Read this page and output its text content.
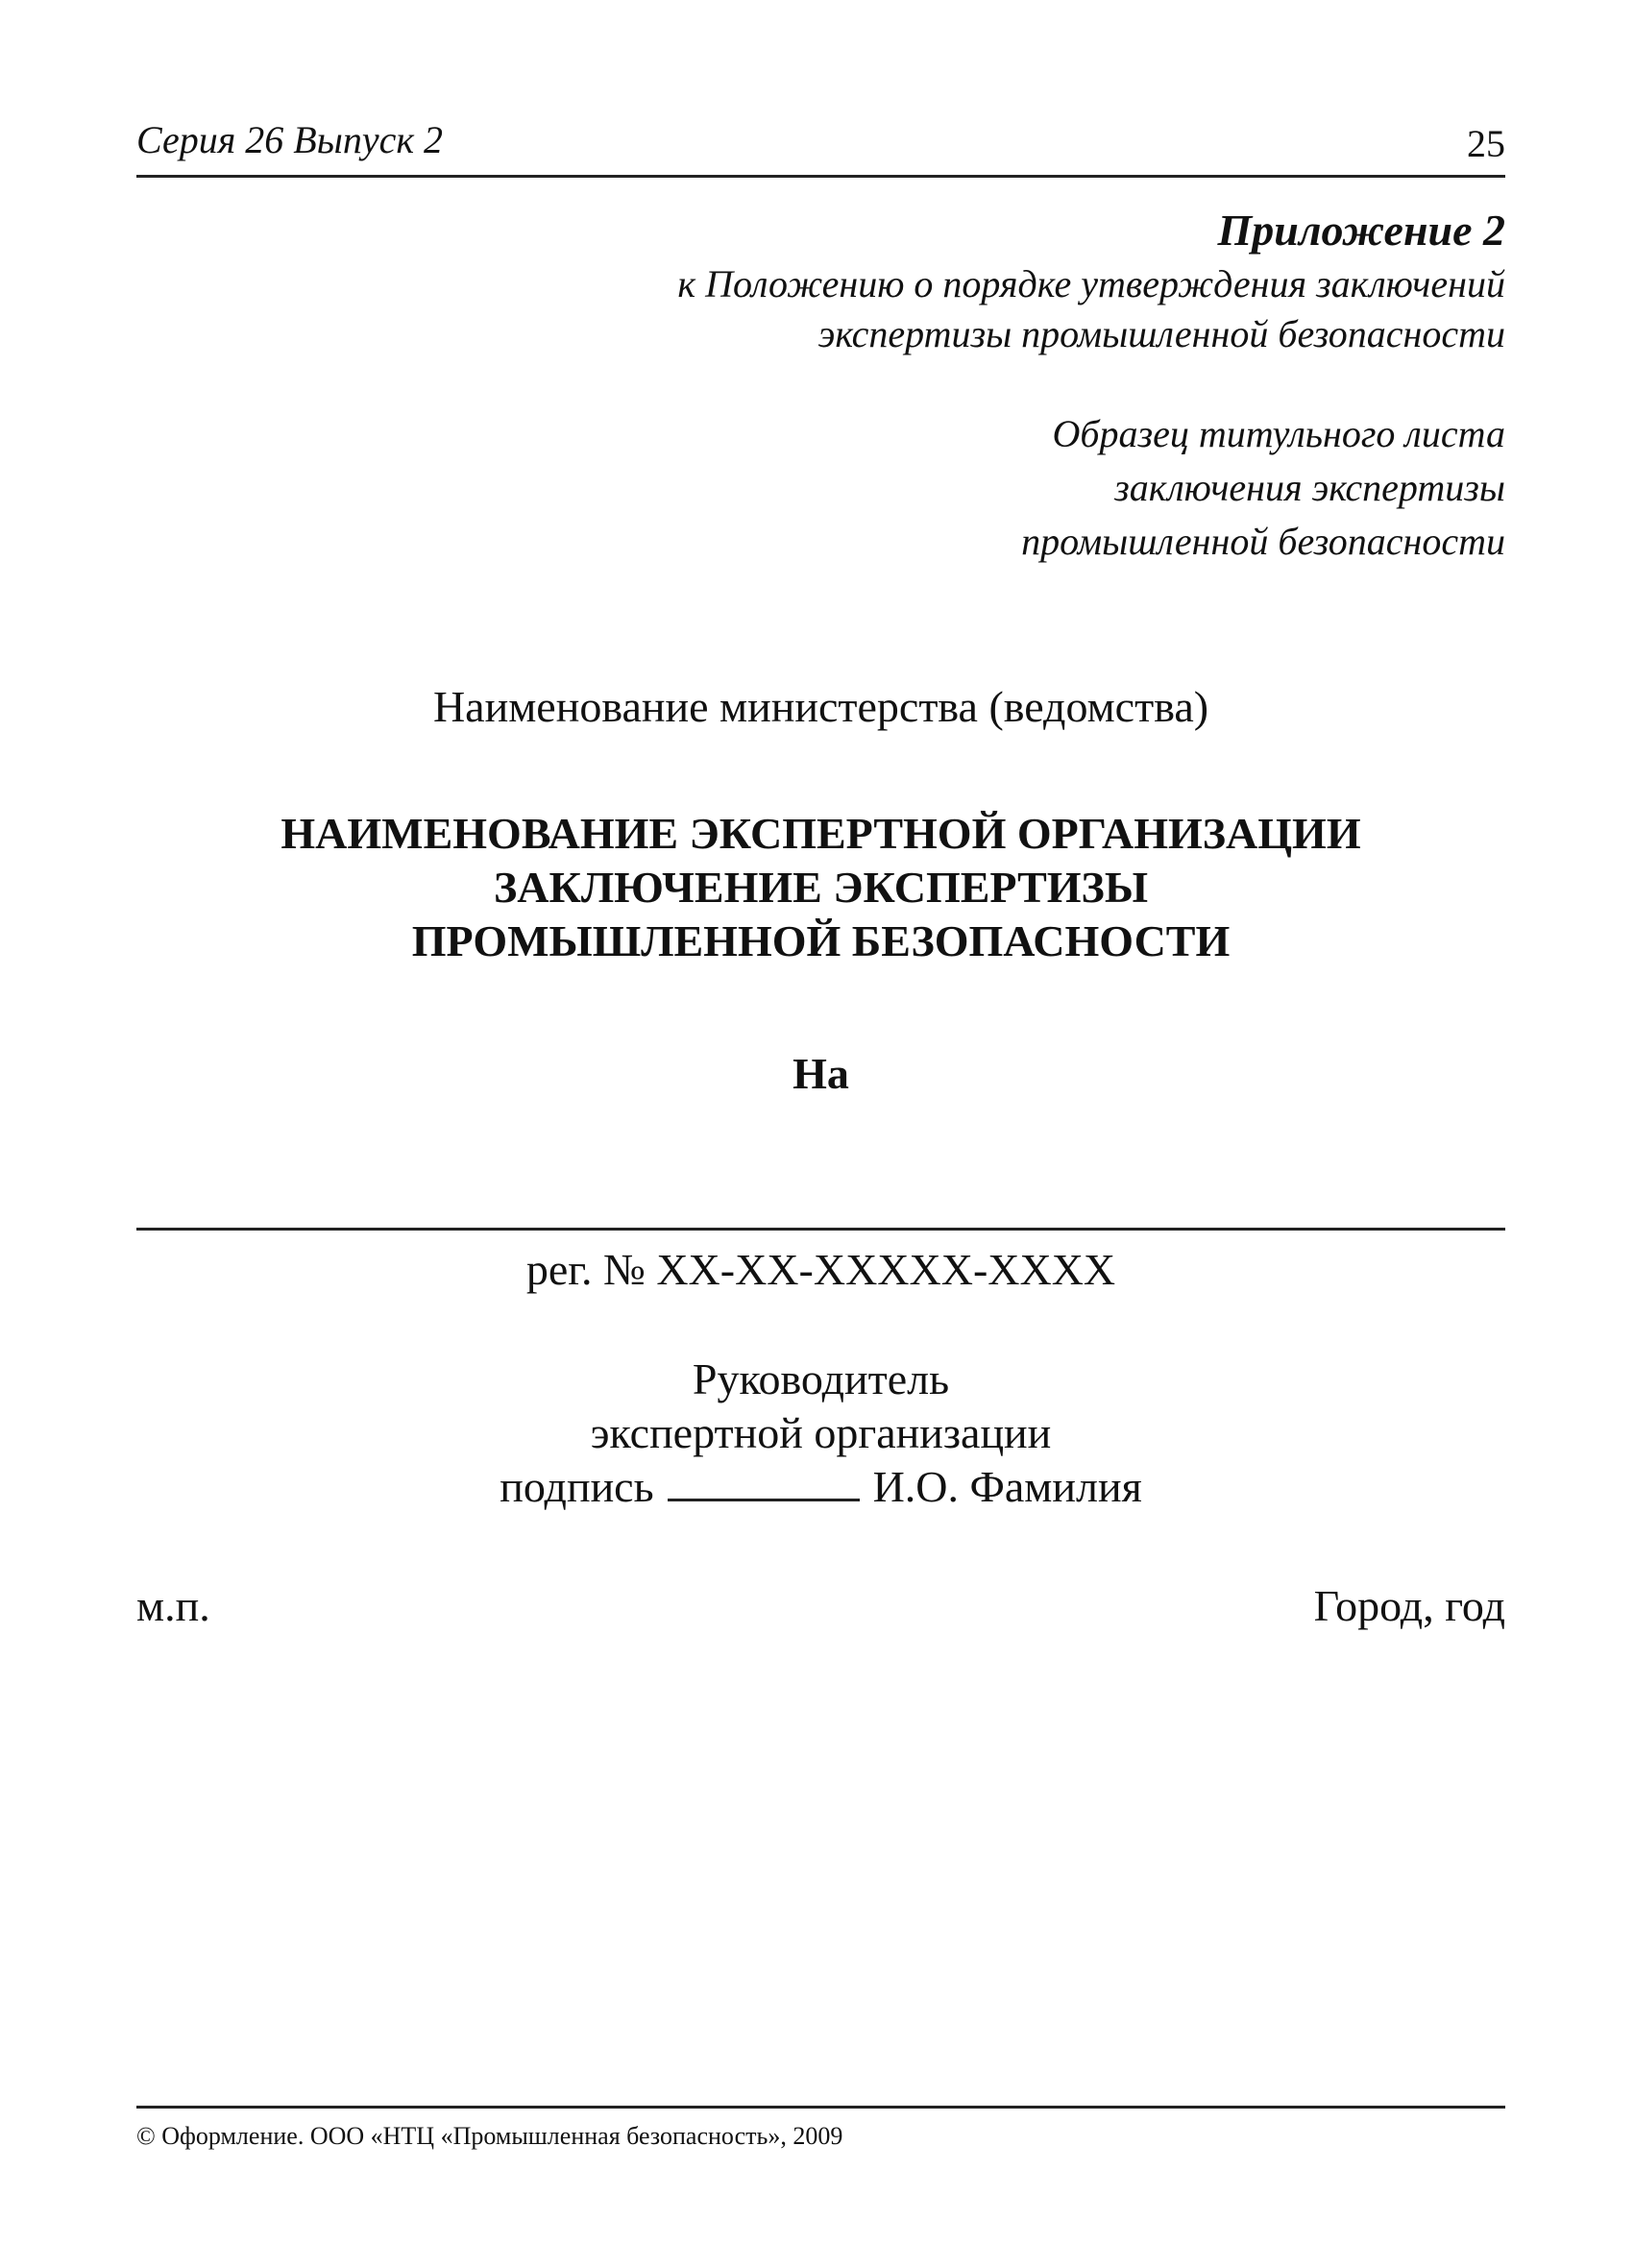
Серия 26 Выпуск 2	25
Приложение 2
к Положению о порядке утверждения заключений
экспертизы промышленной безопасности
Образец титульного листа
заключения экспертизы
промышленной безопасности
Наименование министерства (ведомства)
НАИМЕНОВАНИЕ ЭКСПЕРТНОЙ ОРГАНИЗАЦИИ
ЗАКЛЮЧЕНИЕ ЭКСПЕРТИЗЫ
ПРОМЫШЛЕННОЙ БЕЗОПАСНОСТИ
На
рег. № XX-XX-XXXXX-XXXX
Руководитель
экспертной организации
подпись	И.О. Фамилия
м.п.	Город, год
© Оформление. ООО «НТЦ «Промышленная безопасность», 2009
